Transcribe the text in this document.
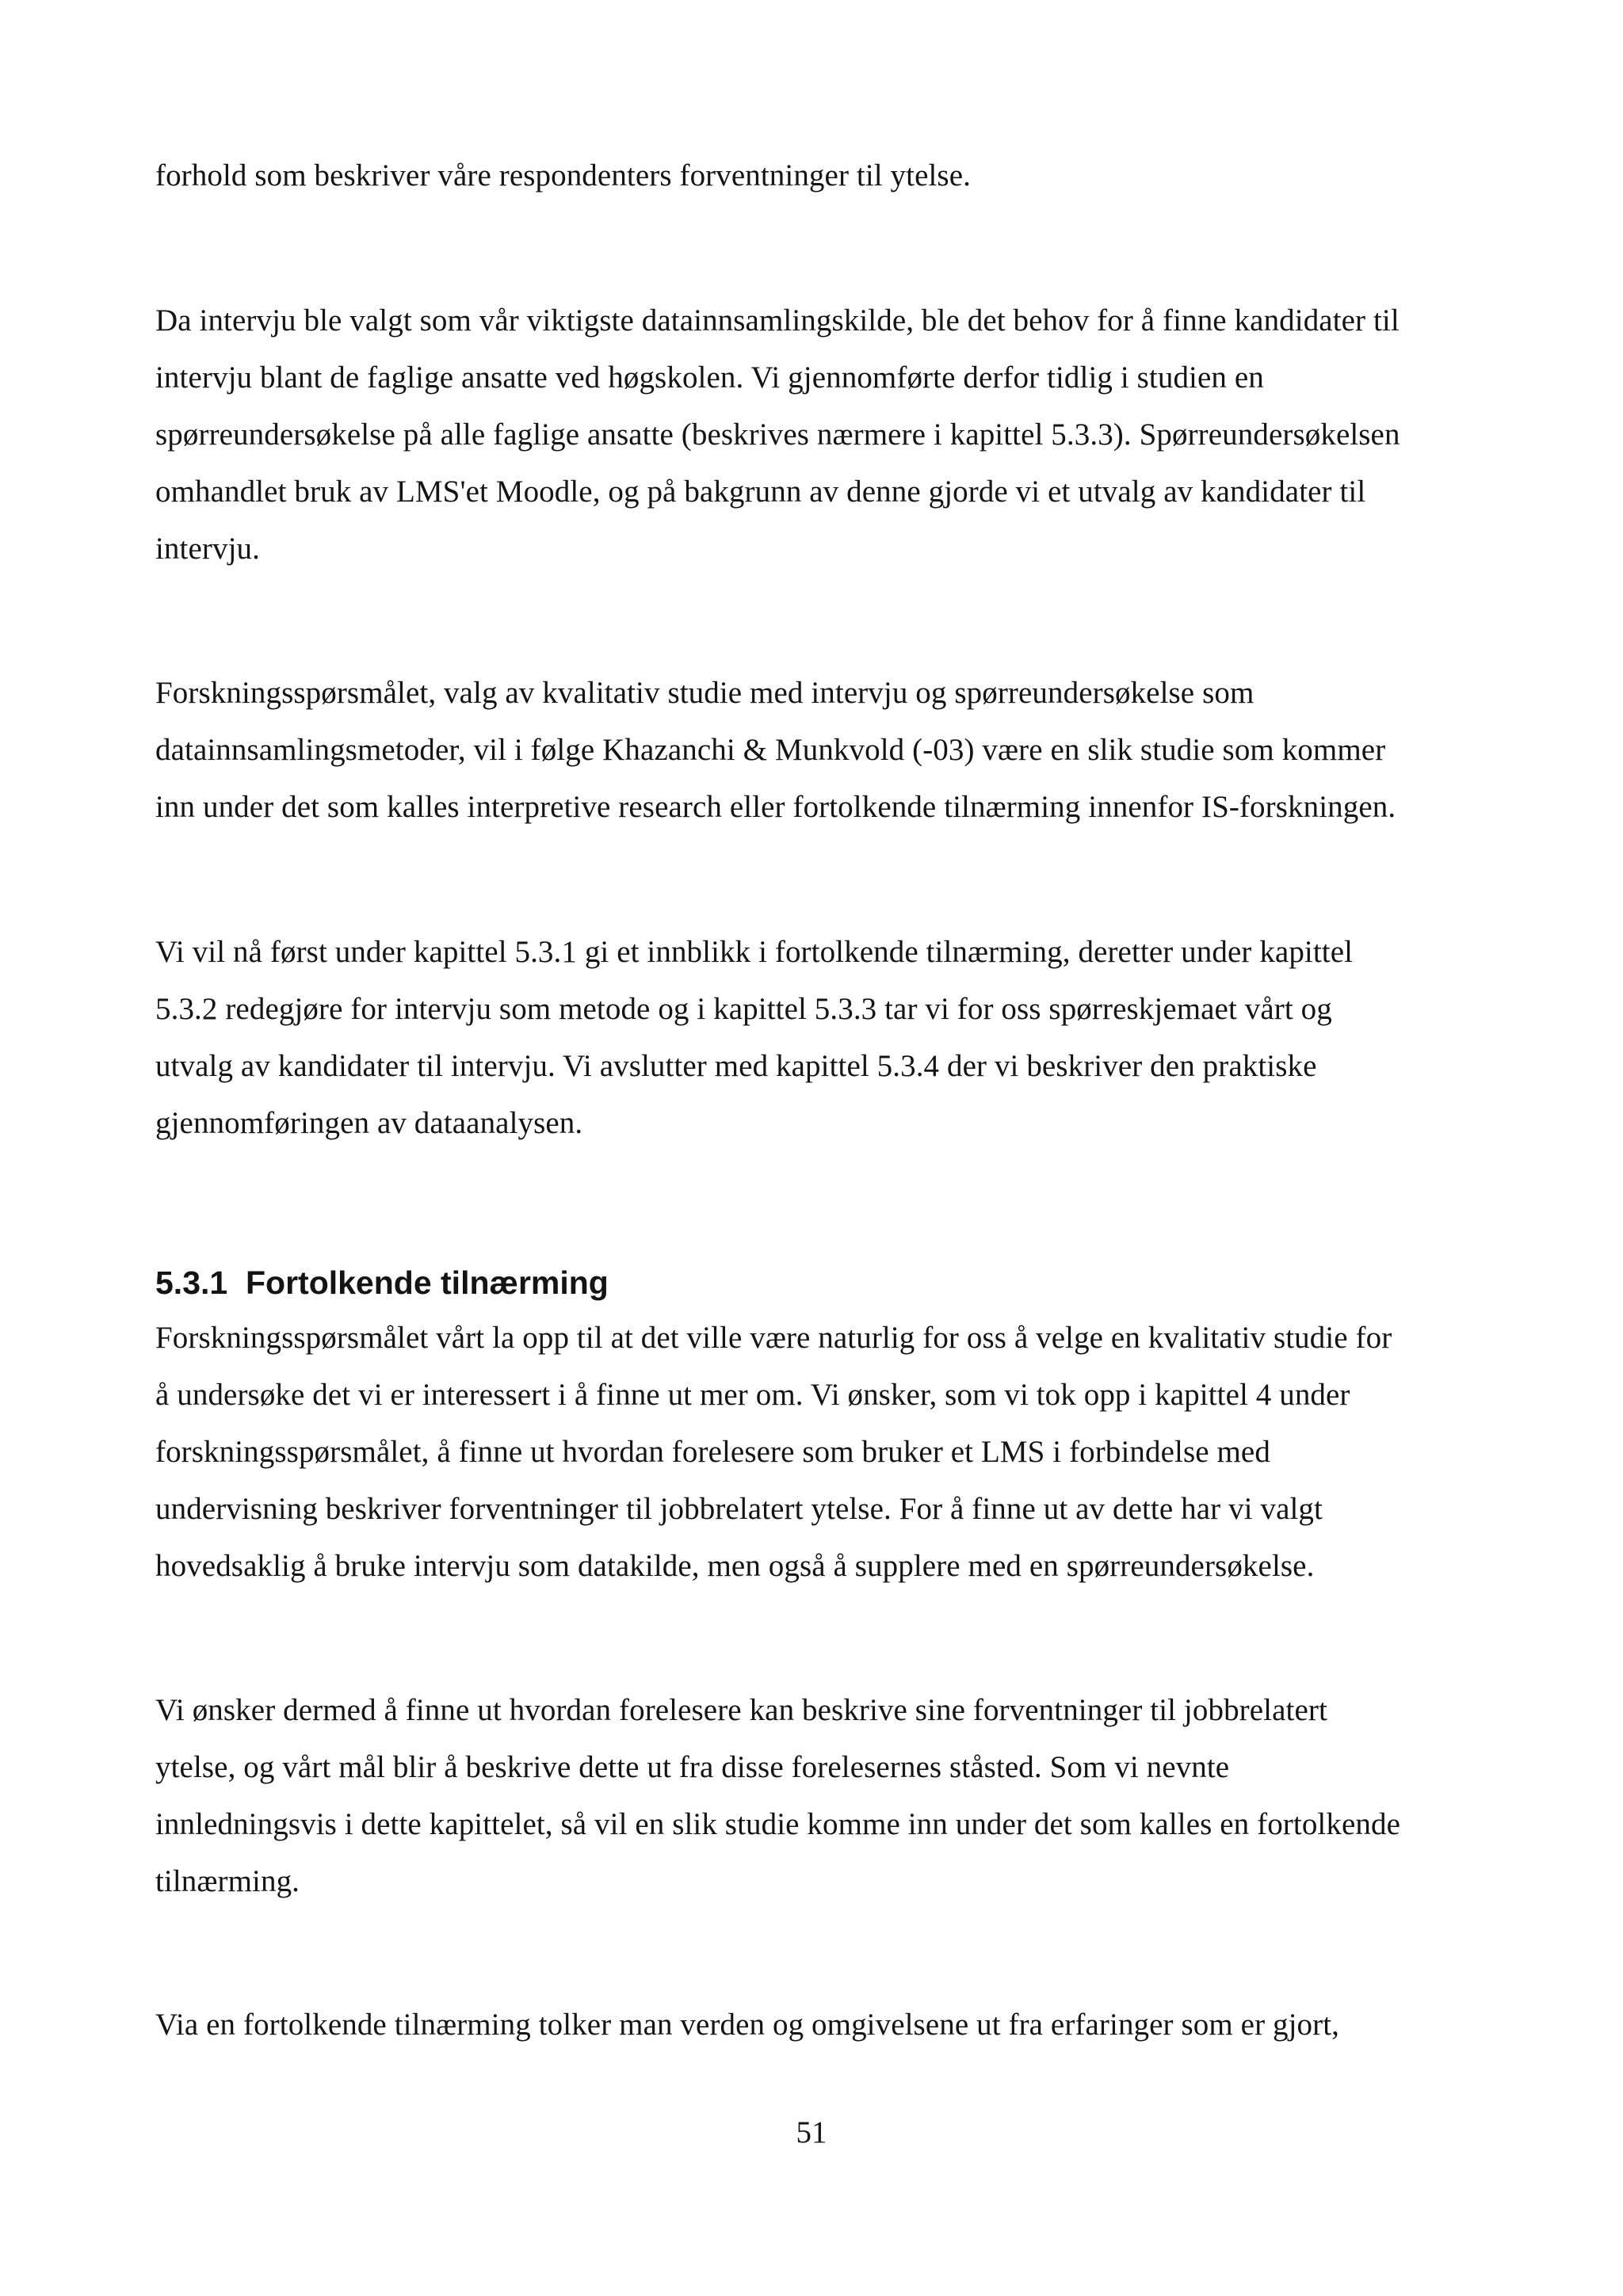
forhold som beskriver våre respondenters forventninger til ytelse.
Da intervju ble valgt som vår viktigste datainnsamlingskilde, ble det behov for å finne kandidater til
intervju blant de faglige ansatte ved høgskolen. Vi gjennomførte derfor tidlig i studien en
spørreundersøkelse på alle faglige ansatte (beskrives nærmere i kapittel 5.3.3). Spørreundersøkelsen
omhandlet bruk av LMS'et Moodle, og på bakgrunn av denne gjorde vi et utvalg av kandidater til
intervju.
Forskningsspørsmålet, valg av kvalitativ studie med intervju og spørreundersøkelse som
datainnsamlingsmetoder, vil i følge Khazanchi & Munkvold (-03) være en slik studie som kommer
inn under det som kalles interpretive research eller fortolkende tilnærming innenfor IS-forskningen.
Vi vil nå først under kapittel 5.3.1 gi et innblikk i fortolkende tilnærming, deretter under kapittel
5.3.2 redegjøre for intervju som metode og i kapittel 5.3.3 tar vi for oss spørreskjemaet vårt og
utvalg av kandidater til intervju. Vi avslutter med kapittel 5.3.4 der vi beskriver den praktiske
gjennomføringen av dataanalysen.
5.3.1 Fortolkende tilnærming
Forskningsspørsmålet vårt la opp til at det ville være naturlig for oss å velge en kvalitativ studie for
å undersøke det vi er interessert i å finne ut mer om. Vi ønsker, som vi tok opp i kapittel 4 under
forskningsspørsmålet, å finne ut hvordan forelesere som bruker et LMS i forbindelse med
undervisning beskriver forventninger til jobbrelatert ytelse. For å finne ut av dette har vi valgt
hovedsaklig å bruke intervju som datakilde, men også å supplere med en spørreundersøkelse.
Vi ønsker dermed å finne ut hvordan forelesere kan beskrive sine forventninger til jobbrelatert
ytelse, og vårt mål blir å beskrive dette ut fra disse forelesernes ståsted. Som vi nevnte
innledningsvis i dette kapittelet, så vil en slik studie komme inn under det som kalles en fortolkende
tilnærming.
Via en fortolkende tilnærming tolker man verden og omgivelsene ut fra erfaringer som er gjort,
51
